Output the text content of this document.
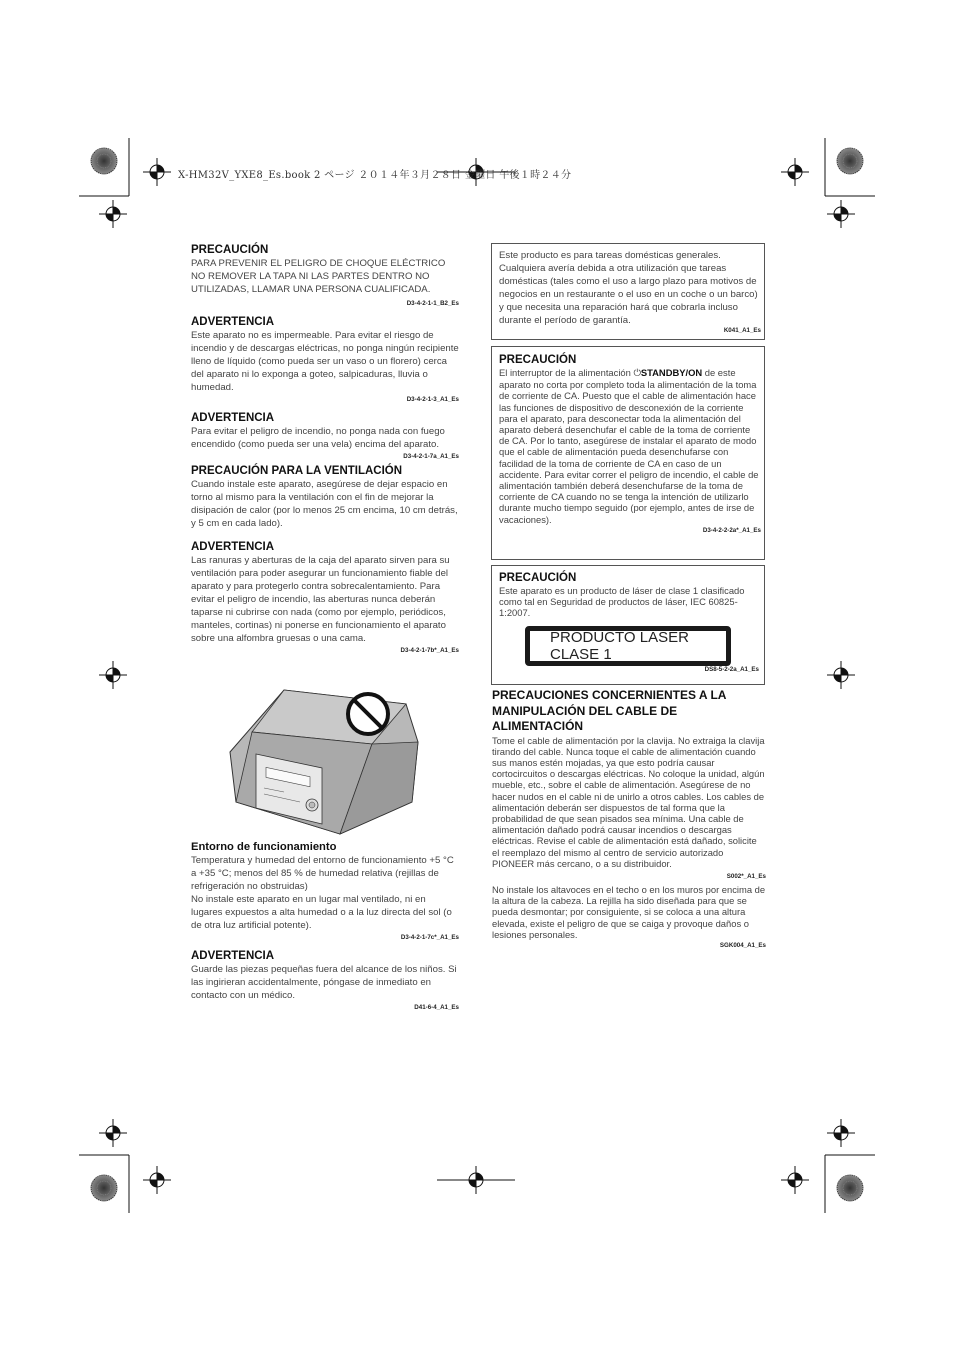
X-HM32V_YXE8_Es.book 2 ページ ２０１４年３月２８日 金曜日 午後１時２４分

PRECAUCIÓN

PARA PREVENIR EL PELIGRO DE CHOQUE ELÉCTRICO NO REMOVER LA TAPA NI LAS PARTES DENTRO NO UTILIZADAS, LLAMAR UNA PERSONA CUALIFICADA.

D3-4-2-1-1_B2_Es

ADVERTENCIA

Este aparato no es impermeable. Para evitar el riesgo de incendio y de descargas eléctricas, no ponga ningún recipiente lleno de líquido (como pueda ser un vaso o un florero) cerca del aparato ni lo exponga a goteo, salpicaduras, lluvia o humedad.

D3-4-2-1-3_A1_Es

ADVERTENCIA

Para evitar el peligro de incendio, no ponga nada con fuego encendido (como pueda ser una vela) encima del aparato.

D3-4-2-1-7a_A1_Es

PRECAUCIÓN PARA LA VENTILACIÓN

Cuando instale este aparato, asegúrese de dejar espacio en torno al mismo para la ventilación con el fin de mejorar la disipación de calor (por lo menos 25 cm encima, 10 cm detrás, y 5 cm en cada lado).

ADVERTENCIA

Las ranuras y aberturas de la caja del aparato sirven para su ventilación para poder asegurar un funcionamiento fiable del aparato y para protegerlo contra sobrecalentamiento. Para evitar el peligro de incendio, las aberturas nunca deberán taparse ni cubrirse con nada (como por ejemplo, periódicos, manteles, cortinas) ni ponerse en funcionamiento el aparato sobre una alfombra gruesas o una cama.

D3-4-2-1-7b*_A1_Es

Entorno de funcionamiento

Temperatura y humedad del entorno de funcionamiento +5 °C a +35 °C; menos del 85 % de humedad relativa (rejillas de refrigeración no obstruidas)

No instale este aparato en un lugar mal ventilado, ni en lugares expuestos a alta humedad o a la luz directa del sol (o de otra luz artificial potente).

D3-4-2-1-7c*_A1_Es

ADVERTENCIA

Guarde las piezas pequeñas fuera del alcance de los niños. Si las ingirieran accidentalmente, póngase de inmediato en contacto con un médico.

D41-6-4_A1_Es

Este producto es para tareas domésticas generales. Cualquiera avería debida a otra utilización que tareas domésticas (tales como el uso a largo plazo para motivos de negocios en un restaurante o el uso en un coche o un barco) y que necesita una reparación hará que cobrarla incluso durante el período de garantía.

K041_A1_Es

PRECAUCIÓN

El interruptor de la alimentación ⏻STANDBY/ON de este aparato no corta por completo toda la alimentación de la toma de corriente de CA. Puesto que el cable de alimentación hace las funciones de dispositivo de desconexión de la corriente para el aparato, para desconectar toda la alimentación del aparato deberá desenchufar el cable de la toma de corriente de CA. Por lo tanto, asegúrese de instalar el aparato de modo que el cable de alimentación pueda desenchufarse con facilidad de la toma de corriente de CA en caso de un accidente. Para evitar correr el peligro de incendio, el cable de alimentación también deberá desenchufarse de la toma de corriente de CA cuando no se tenga la intención de utilizarlo durante mucho tiempo seguido (por ejemplo, antes de irse de vacaciones).

D3-4-2-2-2a*_A1_Es

PRECAUCIÓN

Este aparato es un producto de láser de clase 1 clasificado como tal en Seguridad de productos de láser, IEC 60825-1:2007.

DS8-5-2-2a_A1_Es
PRODUCTO LASER CLASE 1

PRECAUCIONES CONCERNIENTES A LA MANIPULACIÓN DEL CABLE DE ALIMENTACIÓN

Tome el cable de alimentación por la clavija. No extraiga la clavija tirando del cable. Nunca toque el cable de alimentación cuando sus manos estén mojadas, ya que esto podría causar cortocircuitos o descargas eléctricas. No coloque la unidad, algún mueble, etc., sobre el cable de alimentación. Asegúrese de no hacer nudos en el cable ni de unirlo a otros cables. Los cables de alimentación deberán ser dispuestos de tal forma que la probabilidad de que sean pisados sea mínima. Una cable de alimentación dañado podrá causar incendios o descargas eléctricas. Revise el cable de alimentación está dañado, solicite el reemplazo del mismo al centro de servicio autorizado PIONEER más cercano, o a su distribuidor.

S002*_A1_Es

No instale los altavoces en el techo o en los muros por encima de la altura de la cabeza. La rejilla ha sido diseñada para que se pueda desmontar; por consiguiente, si se coloca a una altura elevada, existe el peligro de que se caiga y provoque daños o lesiones personales.

SGK004_A1_Es
